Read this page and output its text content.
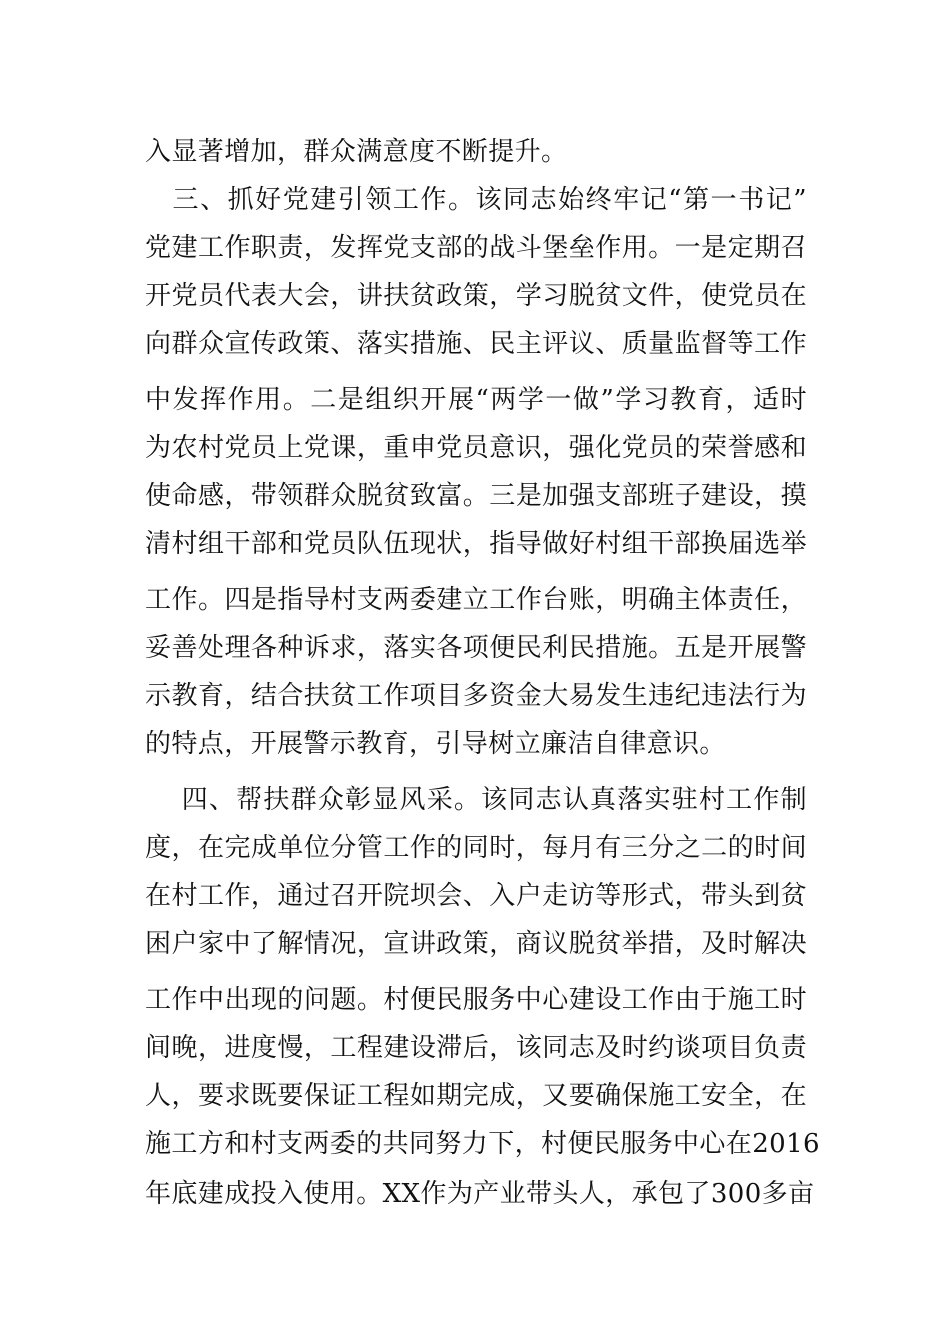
入显著增加，群众满意度不断提升。
　三、抓好党建引领工作。该同志始终牢记“第一书记”
党建工作职责，发挥党支部的战斗堡垒作用。一是定期召
开党员代表大会，讲扶贫政策，学习脱贫文件，使党员在
向群众宣传政策、落实措施、民主评议、质量监督等工作
中发挥作用。二是组织开展“两学一做”学习教育，适时
为农村党员上党课，重申党员意识，强化党员的荣誉感和
使命感，带领群众脱贫致富。三是加强支部班子建设，摸
清村组干部和党员队伍现状，指导做好村组干部换届选举
工作。四是指导村支两委建立工作台账，明确主体责任，
妥善处理各种诉求，落实各项便民利民措施。五是开展警
示教育，结合扶贫工作项目多资金大易发生违纪违法行为
的特点，开展警示教育，引导树立廉洁自律意识。
　 四、帮扶群众彰显风采。该同志认真落实驻村工作制
度，在完成单位分管工作的同时，每月有三分之二的时间
在村工作，通过召开院坝会、入户走访等形式，带头到贫
困户家中了解情况，宣讲政策，商议脱贫举措，及时解决
工作中出现的问题。村便民服务中心建设工作由于施工时
间晚，进度慢，工程建设滞后，该同志及时约谈项目负责
人，要求既要保证工程如期完成，又要确保施工安全，在
施工方和村支两委的共同努力下，村便民服务中心在2016
年底建成投入使用。XX作为产业带头人，承包了300多亩
